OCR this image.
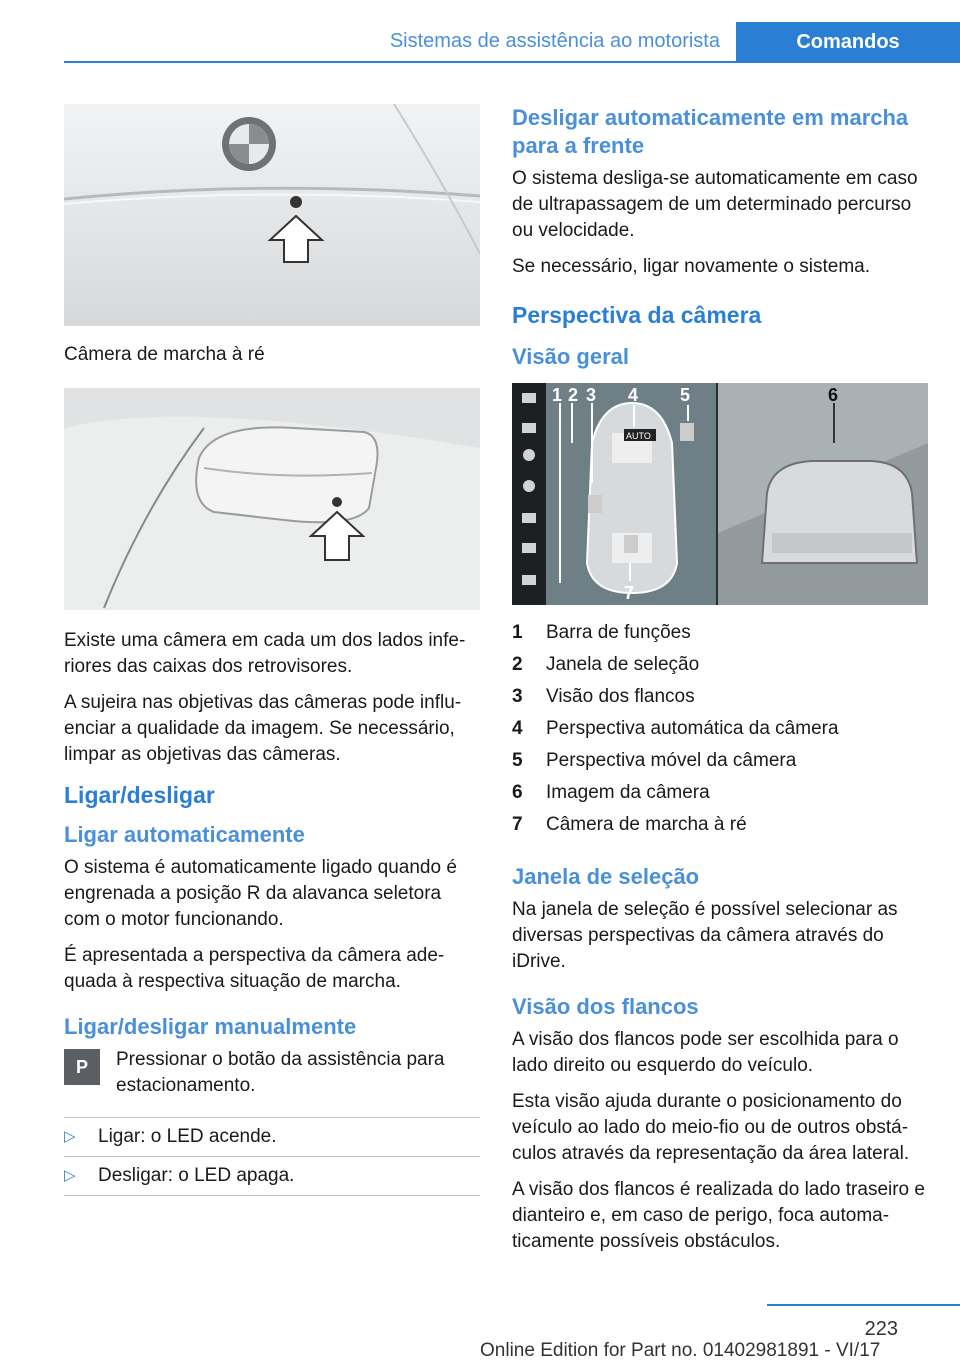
Sistemas de assistência ao motorista	Comandos
Câmera de marcha à ré

Existe uma câmera em cada um dos lados infe-riores das caixas dos retrovisores.

A sujeira nas objetivas das câmeras pode influ-enciar a qualidade da imagem. Se necessário, limpar as objetivas das câmeras.

Ligar/desligar
Ligar automaticamente

O sistema é automaticamente ligado quando é engrenada a posição R da alavanca seletora com o motor funcionando.

É apresentada a perspectiva da câmera ade-quada à respectiva situação de marcha.

Ligar/desligar manualmente
P	Pressionar o botão da assistência para estacionamento.

▷	Ligar: o LED acende.
▷	Desligar: o LED apaga.
Desligar automaticamente em marcha para a frente

O sistema desliga-se automaticamente em caso de ultrapassagem de um determinado percurso ou velocidade.

Se necessário, ligar novamente o sistema.

Perspectiva da câmera
Visão geral
AUTO
1 2 3 4 5
7
6
1	Barra de funções
2	Janela de seleção
3	Visão dos flancos
4	Perspectiva automática da câmera
5	Perspectiva móvel da câmera
6	Imagem da câmera
7	Câmera de marcha à ré
Janela de seleção

Na janela de seleção é possível selecionar as diversas perspectivas da câmera através do iDrive.

Visão dos flancos

A visão dos flancos pode ser escolhida para o lado direito ou esquerdo do veículo.

Esta visão ajuda durante o posicionamento do veículo ao lado do meio-fio ou de outros obstá-culos através da representação da área lateral.

A visão dos flancos é realizada do lado traseiro e dianteiro e, em caso de perigo, foca automa-ticamente possíveis obstáculos.

223
Online Edition for Part no. 01402981891 - VI/17
